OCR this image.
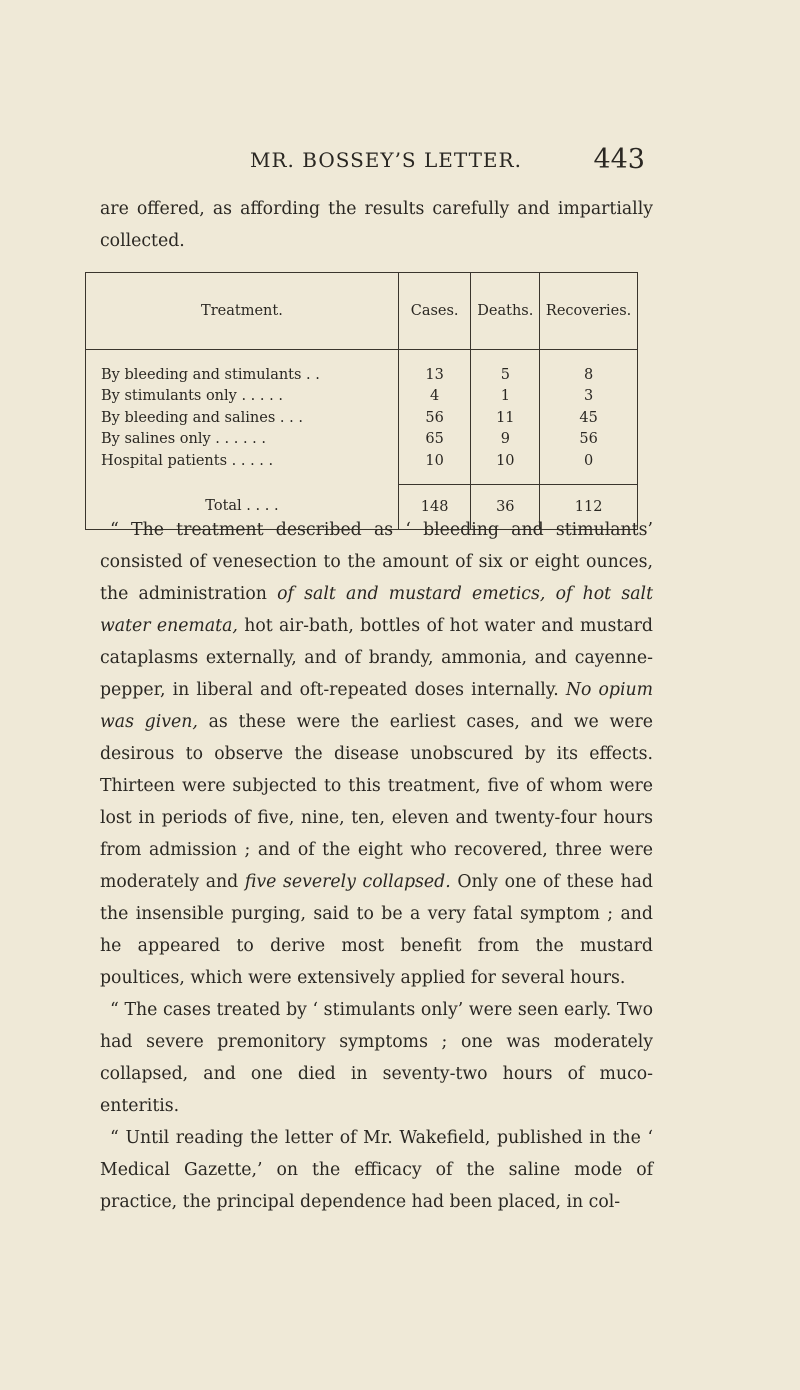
MR. BOSSEY’S LETTER.	443

are offered, as affording the results carefully and impartially collected.

Treatment.	Cases.	Deaths.	Recoveries.
By bleeding and stimulants . .	13	5	8
By stimulants only . . . . .	4	1	3
By bleeding and salines . . .	56	11	45
By salines only . . . . . .	65	9	56
Hospital patients . . . . .	10	10	0
Total . . . .	148	36	112

“ The treatment described as ‘ bleeding and stimulants’ consisted of venesection to the amount of six or eight ounces, the administration of salt and mustard emetics, of hot salt water enemata, hot air-bath, bottles of hot water and mustard cataplasms externally, and of brandy, ammonia, and cayenne-pepper, in liberal and oft-repeated doses internally. No opium was given, as these were the earliest cases, and we were desirous to observe the disease unobscured by its effects. Thirteen were subjected to this treatment, five of whom were lost in periods of five, nine, ten, eleven and twenty-four hours from admission ; and of the eight who recovered, three were moderately and five severely collapsed. Only one of these had the insensible purging, said to be a very fatal symptom ; and he appeared to derive most benefit from the mustard poultices, which were extensively applied for several hours.

“ The cases treated by ‘ stimulants only’ were seen early. Two had severe premonitory symptoms ; one was moderately collapsed, and one died in seventy-two hours of muco-enteritis.

“ Until reading the letter of Mr. Wakefield, published in the ‘ Medical Gazette,’ on the efficacy of the saline mode of practice, the principal dependence had been placed, in col-
